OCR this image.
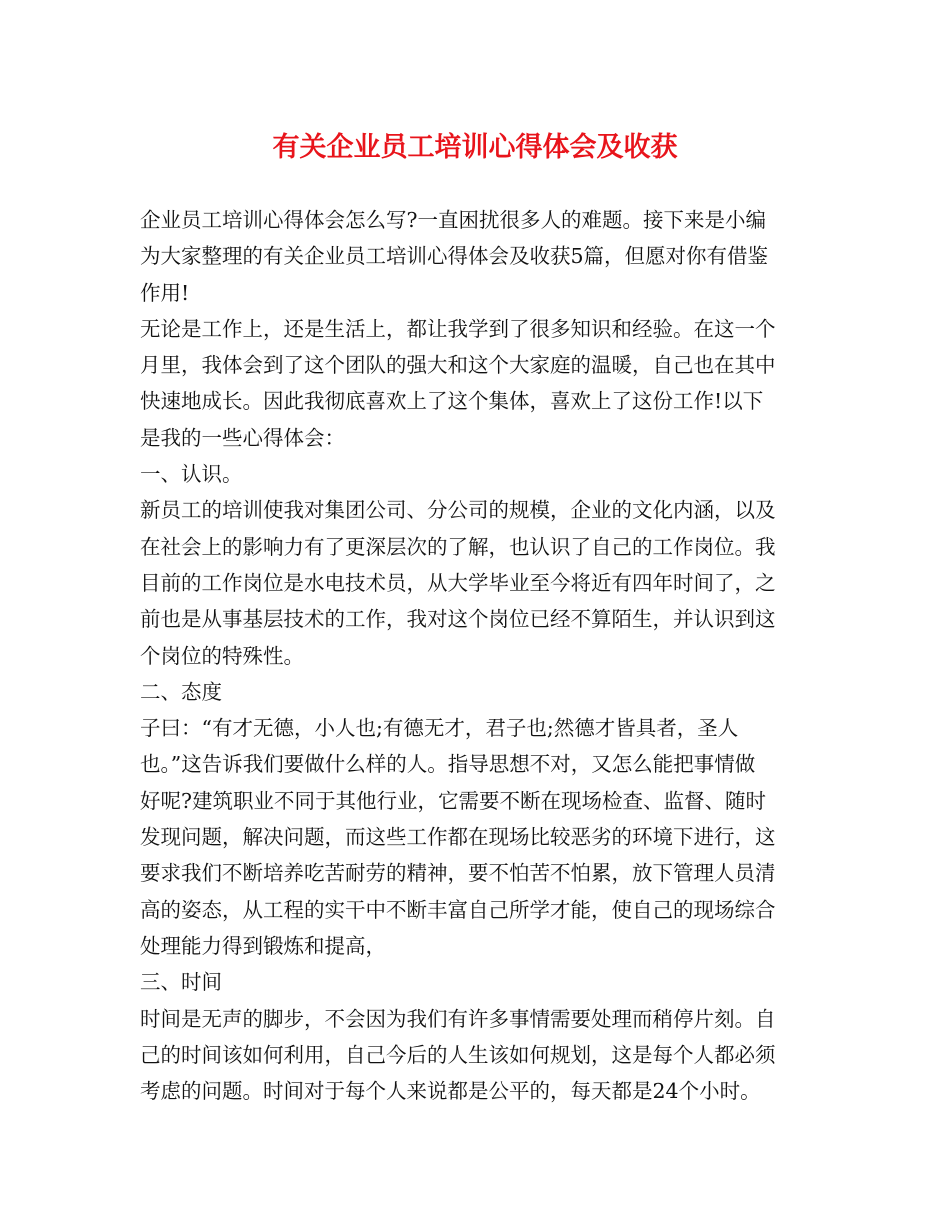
有关企业员工培训心得体会及收获
企业员工培训心得体会怎么写?一直困扰很多人的难题。接下来是小编
为大家整理的有关企业员工培训心得体会及收获5篇，但愿对你有借鉴
作用!
无论是工作上，还是生活上，都让我学到了很多知识和经验。在这一个
月里，我体会到了这个团队的强大和这个大家庭的温暖，自己也在其中
快速地成长。因此我彻底喜欢上了这个集体，喜欢上了这份工作!以下
是我的一些心得体会：
一、认识。
新员工的培训使我对集团公司、分公司的规模，企业的文化内涵，以及
在社会上的影响力有了更深层次的了解，也认识了自己的工作岗位。我
目前的工作岗位是水电技术员，从大学毕业至今将近有四年时间了，之
前也是从事基层技术的工作，我对这个岗位已经不算陌生，并认识到这
个岗位的特殊性。
二、态度
子曰：“有才无德，小人也;有德无才，君子也;然德才皆具者，圣人
也。”这告诉我们要做什么样的人。指导思想不对，又怎么能把事情做
好呢?建筑职业不同于其他行业，它需要不断在现场检查、监督、随时
发现问题，解决问题，而这些工作都在现场比较恶劣的环境下进行，这
要求我们不断培养吃苦耐劳的精神，要不怕苦不怕累，放下管理人员清
高的姿态，从工程的实干中不断丰富自己所学才能，使自己的现场综合
处理能力得到锻炼和提高，
三、时间
时间是无声的脚步，不会因为我们有许多事情需要处理而稍停片刻。自
己的时间该如何利用，自己今后的人生该如何规划，这是每个人都必须
考虑的问题。时间对于每个人来说都是公平的，每天都是24个小时。
